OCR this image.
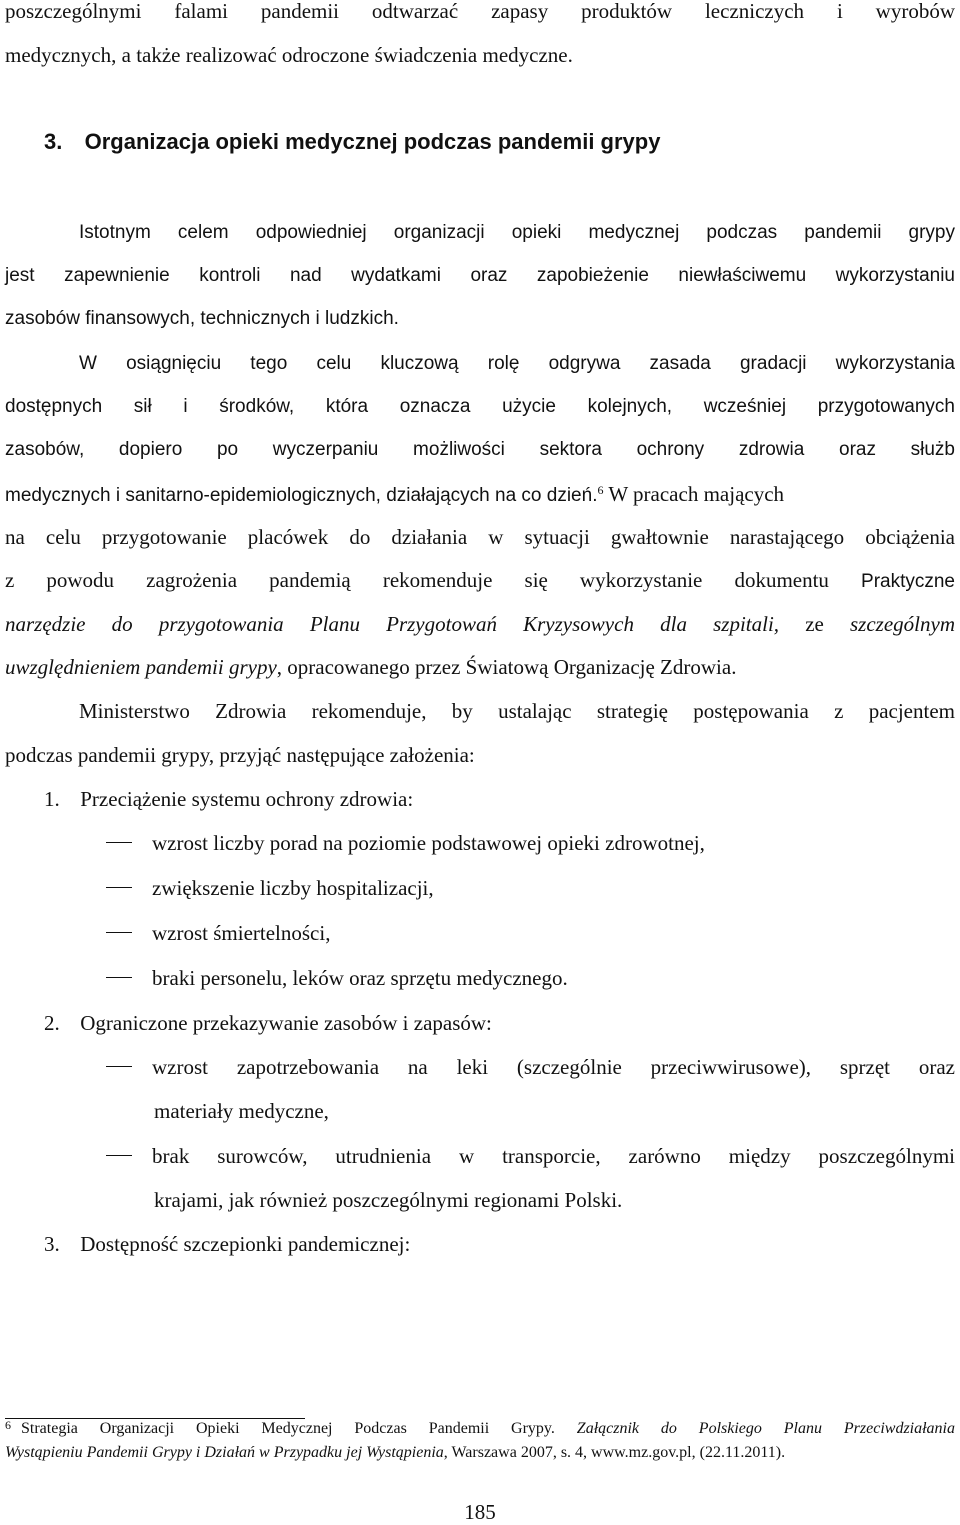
poszczególnymi falami pandemii odtwarzać zapasy produktów leczniczych i wyrobów
medycznych, a także realizować odroczone świadczenia medyczne.
3. Organizacja opieki medycznej podczas pandemii grypy
Istotnym celem odpowiedniej organizacji opieki medycznej podczas pandemii grypy
jest zapewnienie kontroli nad wydatkami oraz zapobieżenie niewłaściwemu wykorzystaniu
zasobów finansowych, technicznych i ludzkich.
W osiągnięciu tego celu kluczową rolę odgrywa zasada gradacji wykorzystania
dostępnych sił i środków, która oznacza użycie kolejnych, wcześniej przygotowanych
zasobów, dopiero po wyczerpaniu możliwości sektora ochrony zdrowia oraz służb
medycznych i sanitarno-epidemiologicznych, działających na co dzień.$^6$ W pracach mających
na celu przygotowanie placówek do działania w sytuacji gwałtownie narastającego obciążenia
z powodu zagrożenia pandemią rekomenduje się wykorzystanie dokumentu Praktyczne
narzędzie do przygotowania Planu Przygotowań Kryzysowych dla szpitali, ze szczególnym
uwzględnieniem pandemii grypy, opracowanego przez Światową Organizację Zdrowia.
Ministerstwo Zdrowia rekomenduje, by ustalając strategię postępowania z pacjentem
podczas pandemii grypy, przyjąć następujące założenia:
1. Przeciążenie systemu ochrony zdrowia:
wzrost liczby porad na poziomie podstawowej opieki zdrowotnej,
zwiększenie liczby hospitalizacji,
wzrost śmiertelności,
braki personelu, leków oraz sprzętu medycznego.
2. Ograniczone przekazywanie zasobów i zapasów:
wzrost zapotrzebowania na leki (szczególnie przeciwwirusowe), sprzęt oraz
materiały medyczne,
brak surowców, utrudnienia w transporcie, zarówno między poszczególnymi
krajami, jak również poszczególnymi regionami Polski.
3. Dostępność szczepionki pandemicznej:
$^6$ Strategia Organizacji Opieki Medycznej Podczas Pandemii Grypy. Załącznik do Polskiego Planu Przeciwdziałania
Wystąpieniu Pandemii Grypy i Działań w Przypadku jej Wystąpienia, Warszawa 2007, s. 4, www.mz.gov.pl, (22.11.2011).
185
